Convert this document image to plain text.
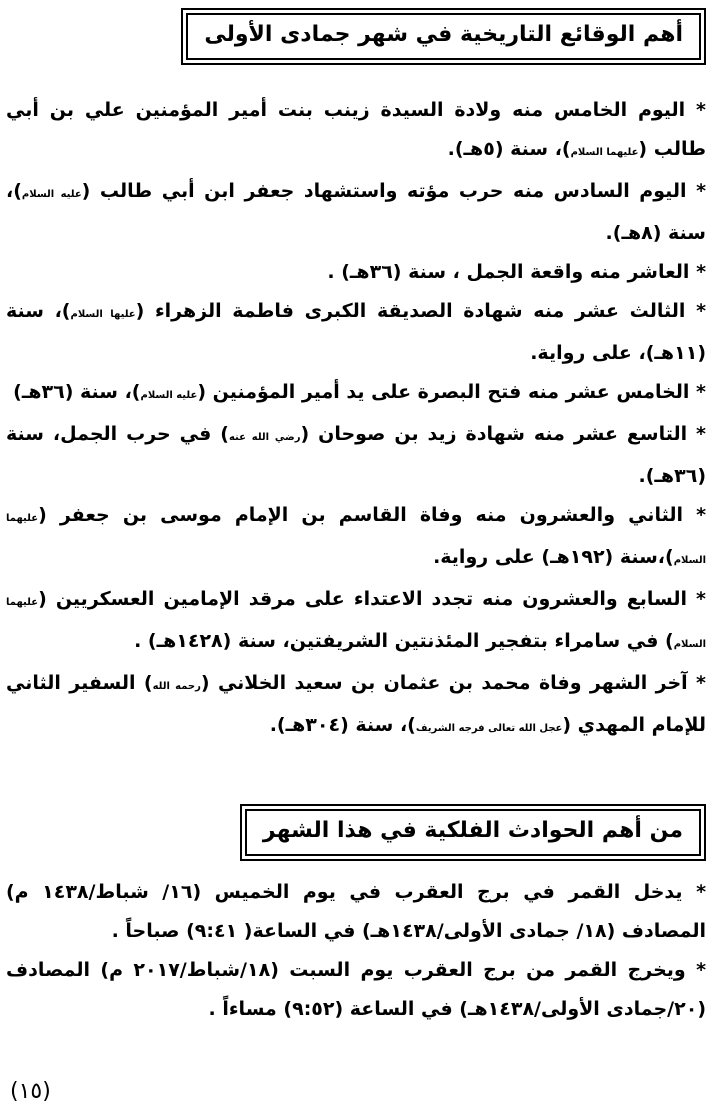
أهم الوقائع التاريخية في شهر جمادى الأولى

* اليوم الخامس منه ولادة السيدة زينب بنت أمير المؤمنين علي بن أبي طالب (عليهما السلام)، سنة (٥هـ).

* اليوم السادس منه حرب مؤته واستشهاد جعفر ابن أبي طالب (عليه السلام)، سنة (٨هـ).

* العاشر منه واقعة الجمل ، سنة (٣٦هـ) .

* الثالث عشر منه شهادة الصديقة الكبرى فاطمة الزهراء (عليها السلام)، سنة (١١هـ)، على رواية.

* الخامس عشر منه فتح البصرة على يد أمير المؤمنين (عليه السلام)، سنة (٣٦هـ)

* التاسع عشر منه شهادة زيد بن صوحان (رضي الله عنه) في حرب الجمل، سنة (٣٦هـ).

* الثاني والعشرون منه وفاة القاسم بن الإمام موسى بن جعفر (عليهما السلام)،سنة (١٩٢هـ) على رواية.

* السابع والعشرون منه تجدد الاعتداء على مرقد الإمامين العسكريين (عليهما السلام) في سامراء بتفجير المئذنتين الشريفتين، سنة (١٤٢٨هـ) .

* آخر الشهر وفاة محمد بن عثمان بن سعيد الخلاني (رحمه الله) السفير الثاني للإمام المهدي (عجل الله تعالى فرجه الشريف)، سنة (٣٠٤هـ).

من أهم الحوادث الفلكية في هذا الشهر

* يدخل القمر في برج العقرب في يوم الخميس (١٦/ شباط/١٤٣٨ م) المصادف (١٨/ جمادى الأولى/١٤٣٨هـ) في الساعة( ٩:٤١) صباحاً .

* ويخرج القمر من برج العقرب يوم السبت (١٨/شباط/٢٠١٧ م) المصادف (٢٠/جمادى الأولى/١٤٣٨هـ) في الساعة (٩:٥٢) مساءاً .

(١٥)
